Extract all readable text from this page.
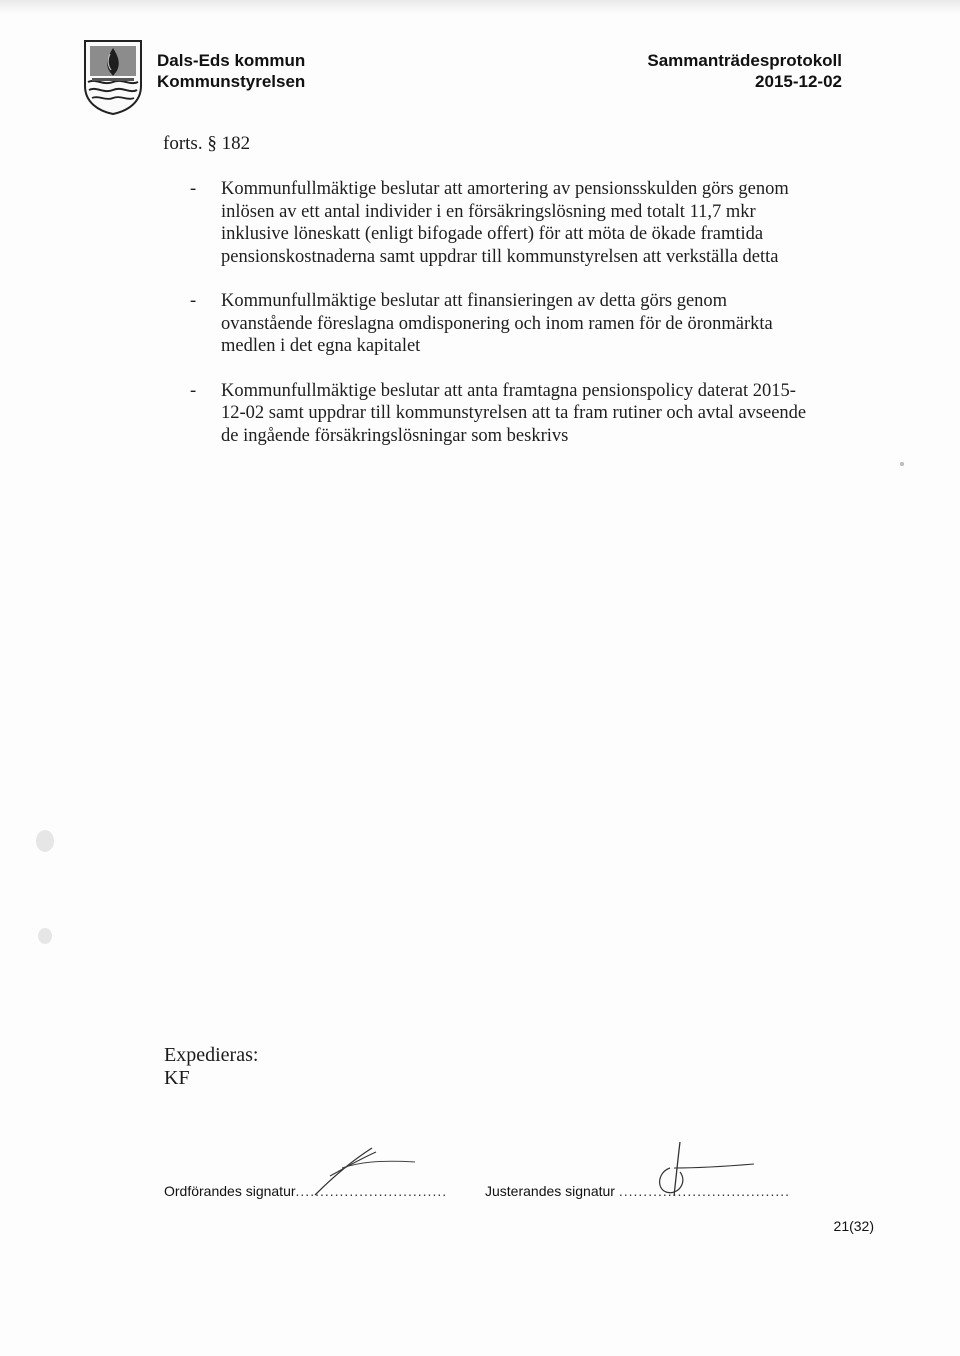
Dals-Eds kommun
Kommunstyrelsen
Sammanträdesprotokoll
2015-12-02
forts. § 182
- Kommunfullmäktige beslutar att amortering av pensionsskulden görs genom
inlösen av ett antal individer i en försäkringslösning med totalt 11,7 mkr
inklusive löneskatt (enligt bifogade offert) för att möta de ökade framtida
pensionskostnaderna samt uppdrar till kommunstyrelsen att verkställa detta
- Kommunfullmäktige beslutar att finansieringen av detta görs genom
ovanstående föreslagna omdisponering och inom ramen för de öronmärkta
medlen i det egna kapitalet
- Kommunfullmäktige beslutar att anta framtagna pensionspolicy daterat 2015-
12-02 samt uppdrar till kommunstyrelsen att ta fram rutiner och avtal avseende
de ingående försäkringslösningar som beskrivs
Expedieras:
KF
Ordförandes signatur...............................	Justerandes signatur ...................................
21(32)
